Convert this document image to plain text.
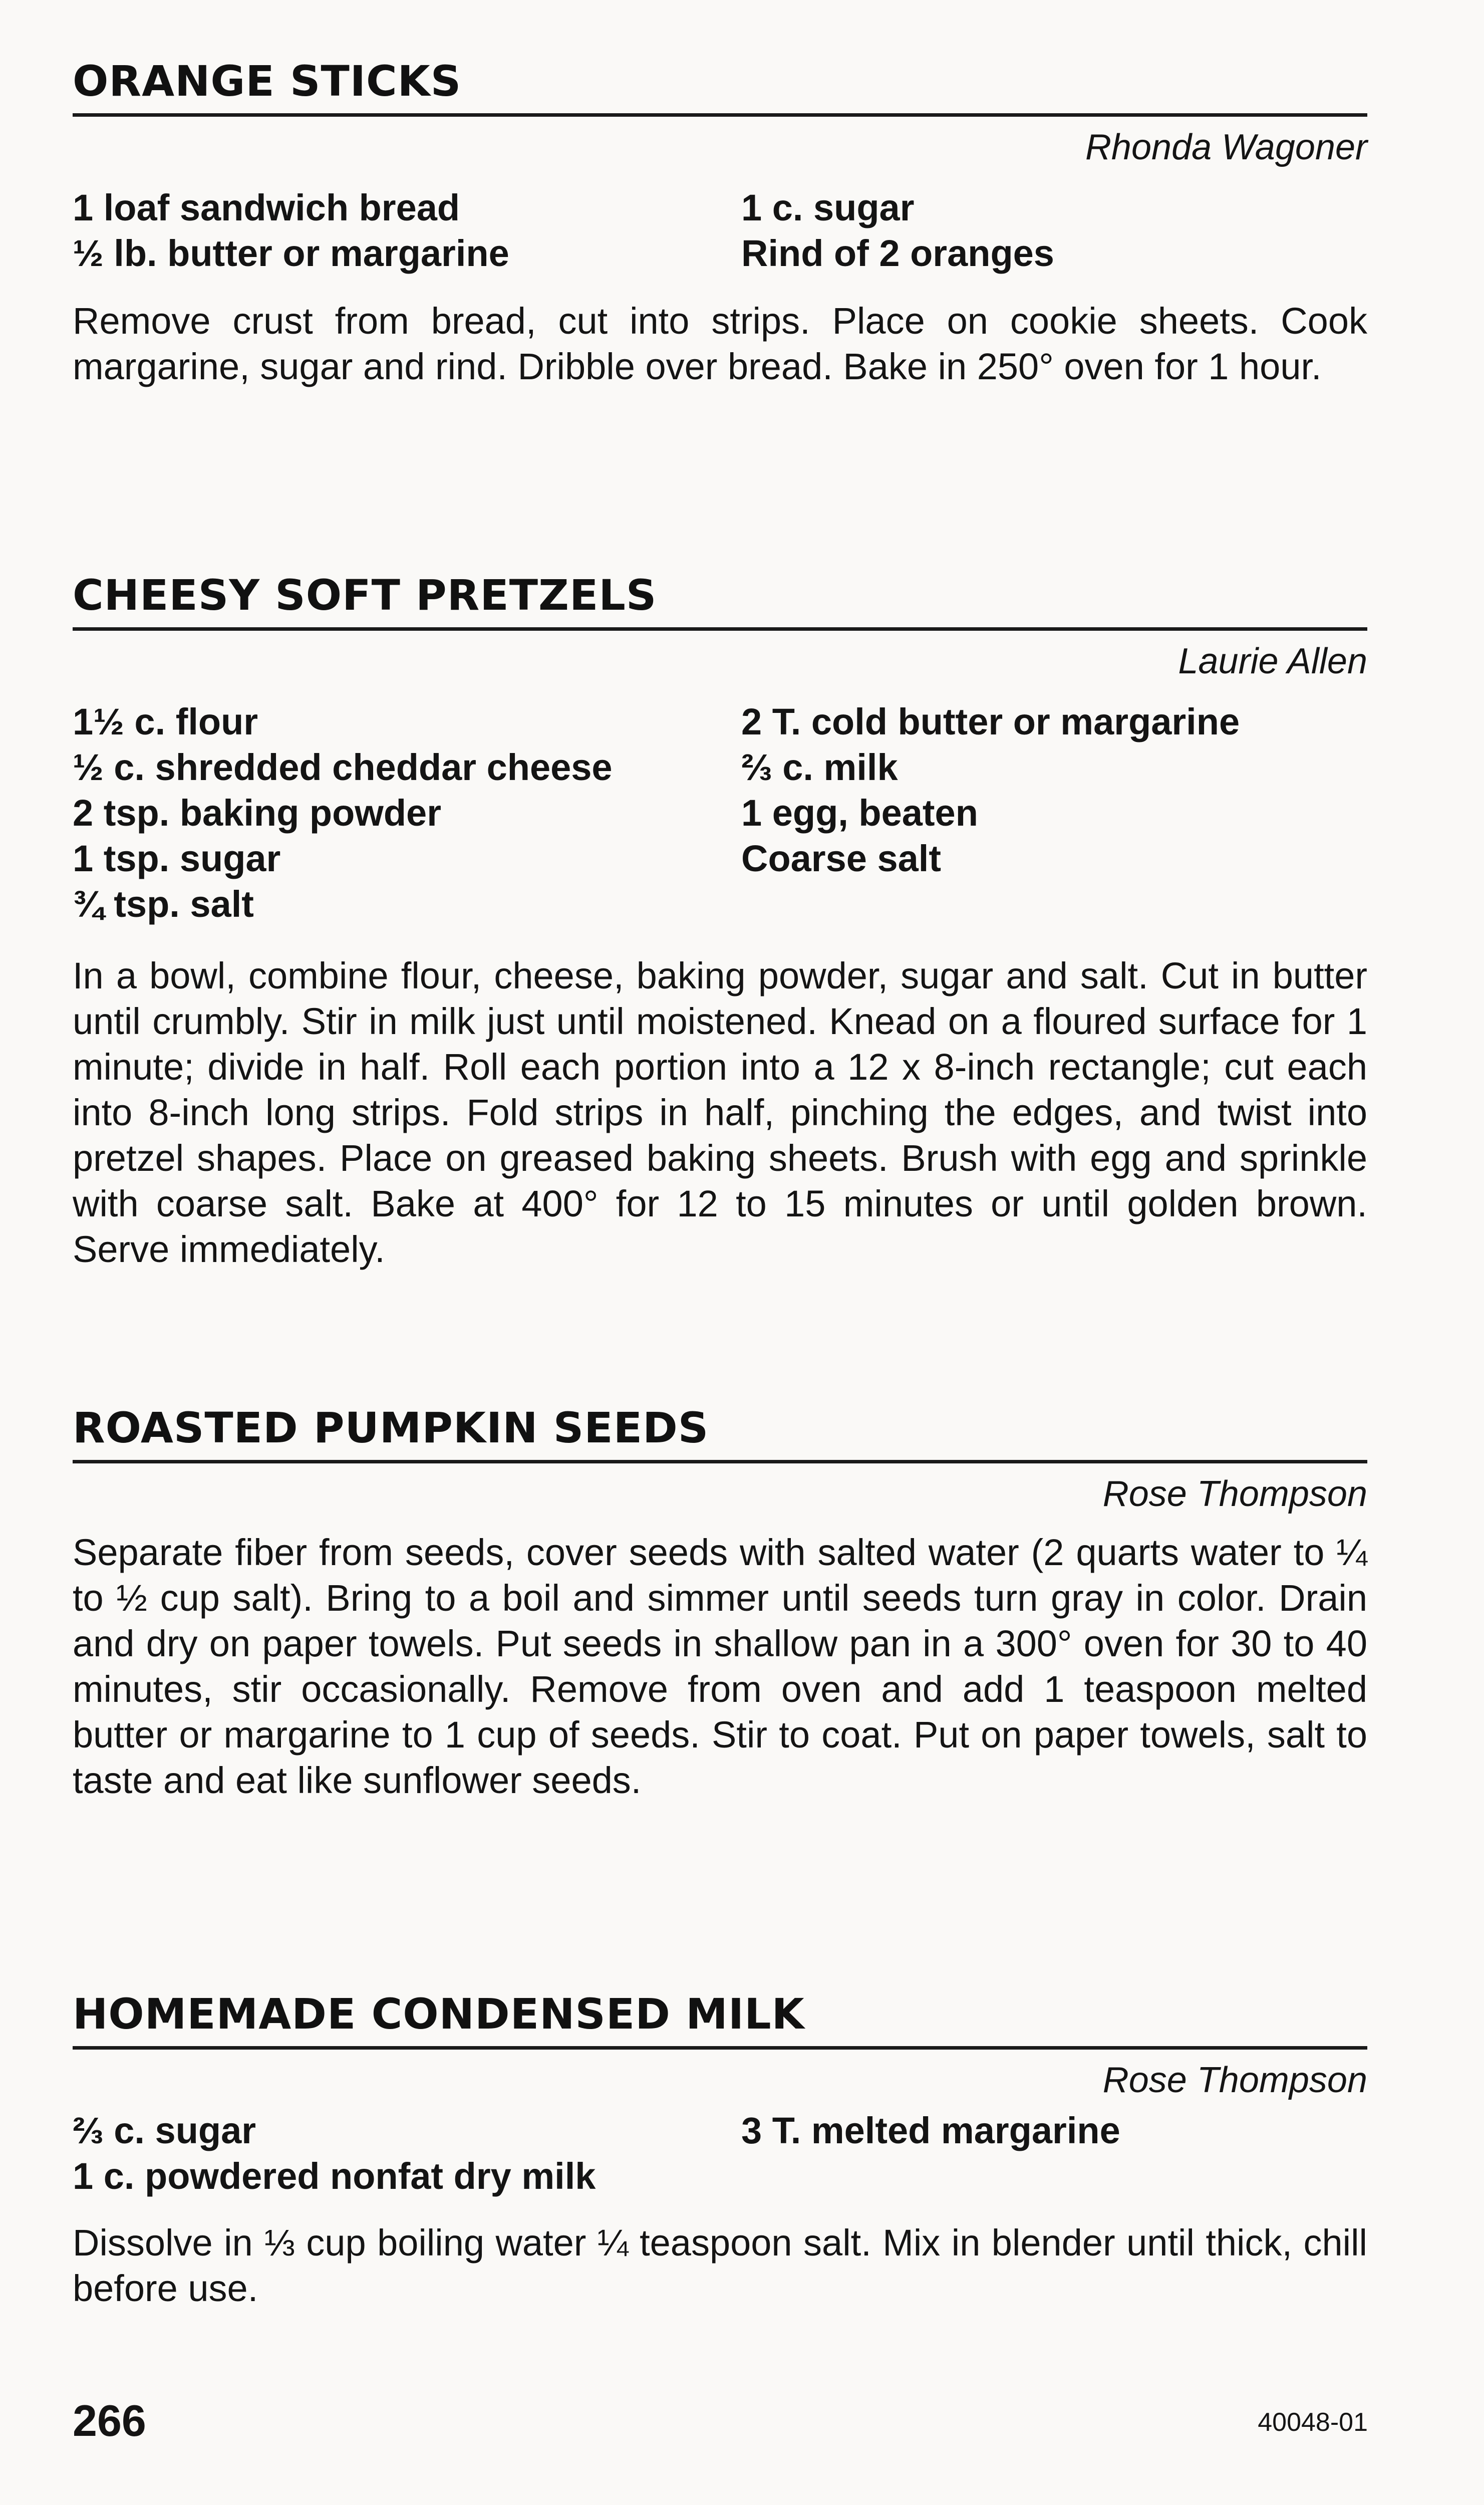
ORANGE STICKS
Rhonda Wagoner
1 loaf sandwich bread	1 c. sugar
½ lb. butter or margarine	Rind of 2 oranges
Remove crust from bread, cut into strips. Place on cookie sheets. Cook margarine, sugar and rind. Dribble over bread. Bake in 250° oven for 1 hour.
CHEESY SOFT PRETZELS
Laurie Allen
1½ c. flour	2 T. cold butter or margarine
½ c. shredded cheddar cheese	⅔ c. milk
2 tsp. baking powder	1 egg, beaten
1 tsp. sugar	Coarse salt
¾ tsp. salt
In a bowl, combine flour, cheese, baking powder, sugar and salt. Cut in butter until crumbly. Stir in milk just until moistened. Knead on a floured surface for 1 minute; divide in half. Roll each portion into a 12 x 8-inch rectangle; cut each into 8-inch long strips. Fold strips in half, pinching the edges, and twist into pretzel shapes. Place on greased baking sheets. Brush with egg and sprinkle with coarse salt. Bake at 400° for 12 to 15 minutes or until golden brown. Serve immediately.
ROASTED PUMPKIN SEEDS
Rose Thompson
Separate fiber from seeds, cover seeds with salted water (2 quarts water to ¼ to ½ cup salt). Bring to a boil and simmer until seeds turn gray in color. Drain and dry on paper towels. Put seeds in shallow pan in a 300° oven for 30 to 40 minutes, stir occasionally. Remove from oven and add 1 teaspoon melted butter or margarine to 1 cup of seeds. Stir to coat. Put on paper towels, salt to taste and eat like sunflower seeds.
HOMEMADE CONDENSED MILK
Rose Thompson
⅔ c. sugar	3 T. melted margarine
1 c. powdered nonfat dry milk
Dissolve in ⅓ cup boiling water ¼ teaspoon salt. Mix in blender until thick, chill before use.
266	40048-01
